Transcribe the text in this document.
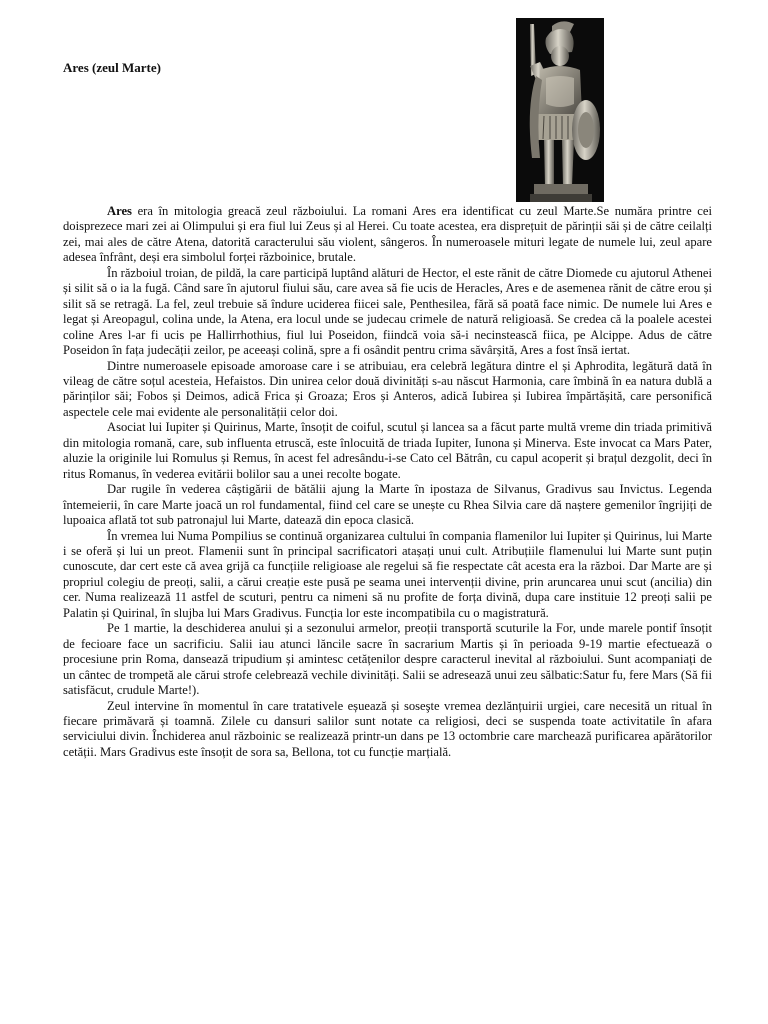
Ares (zeul Marte)

Ares era în mitologia greacă zeul războiului. La romani Ares era identificat cu zeul Marte.Se număra printre cei doisprezece mari zei ai Olimpului și era fiul lui Zeus și al Herei. Cu toate acestea, era disprețuit de părinții săi și de către ceilalți zei, mai ales de către Atena, datorită caracterului său violent, sângeros. În numeroasele mituri legate de numele lui, zeul apare adesea înfrânt, deși era simbolul forței războinice, brutale.

În războiul troian, de pildă, la care participă luptând alături de Hector, el este rănit de către Diomede cu ajutorul Athenei și silit să o ia la fugă. Când sare în ajutorul fiului său, care avea să fie ucis de Heracles, Ares e de asemenea rănit de către erou și silit să se retragă. La fel, zeul trebuie să îndure uciderea fiicei sale, Penthesilea, fără să poată face nimic. De numele lui Ares e legat și Areopagul, colina unde, la Atena, era locul unde se judecau crimele de natură religioasă. Se credea că la poalele acestei coline Ares l-ar fi ucis pe Hallirrhothius, fiul lui Poseidon, fiindcă voia să-i necinstească fiica, pe Alcippe. Adus de către Poseidon în fața judecății zeilor, pe aceeași colină, spre a fi osândit pentru crima săvârșită, Ares a fost însă iertat.

Dintre numeroasele episoade amoroase care i se atribuiau, era celebră legătura dintre el și Aphrodita, legătură dată în vileag de către soțul acesteia, Hefaistos. Din unirea celor două divinități s-au născut Harmonia, care îmbină în ea natura dublă a părinților săi; Fobos și Deimos, adică Frica și Groaza; Eros și Anteros, adică Iubirea și Iubirea împărtășită, care personifică aspectele cele mai evidente ale personalității celor doi.

Asociat lui Iupiter și Quirinus, Marte, însoțit de coiful, scutul și lancea sa a făcut parte multă vreme din triada primitivă din mitologia romană, care, sub influenta etruscă, este înlocuită de triada Iupiter, Iunona și Minerva. Este invocat ca Mars Pater, aluzie la originile lui Romulus și Remus, în acest fel adresându-i-se Cato cel Bătrân, cu capul acoperit și brațul dezgolit, deci în ritus Romanus, în vederea evitării bolilor sau a unei recolte bogate.

Dar rugile în vederea câștigării de bătălii ajung la Marte în ipostaza de Silvanus, Gradivus sau Invictus. Legenda întemeierii, în care Marte joacă un rol fundamental, fiind cel care se unește cu Rhea Silvia care dă naștere gemenilor îngrijiți de lupoaica aflată tot sub patronajul lui Marte, datează din epoca clasică.

În vremea lui Numa Pompilius se continuă organizarea cultului în compania flamenilor lui Iupiter și Quirinus, lui Marte i se oferă și lui un preot. Flamenii sunt în principal sacrificatori atașați unui cult. Atribuțiile flamenului lui Marte sunt puțin cunoscute, dar cert este că avea grijă ca funcțiile religioase ale regelui să fie respectate cât acesta era la război. Dar Marte are și propriul colegiu de preoți, salii, a cărui creație este pusă pe seama unei intervenții divine, prin aruncarea unui scut (ancilia) din cer. Numa realizează 11 astfel de scuturi, pentru ca nimeni să nu profite de forța divină, dupa care instituie 12 preoți salii pe Palatin și Quirinal, în slujba lui Mars Gradivus. Funcția lor este incompatibila cu o magistratură.

Pe 1 martie, la deschiderea anului și a sezonului armelor, preoții transportă scuturile la For, unde marele pontif însoțit de fecioare face un sacrificiu. Salii iau atunci lăncile sacre în sacrarium Martis și în perioada 9-19 martie efectuează o procesiune prin Roma, dansează tripudium și amintesc cetățenilor despre caracterul inevital al războiului. Sunt acompaniați de un cântec de trompetă ale cărui strofe celebrează vechile divinități. Salii se adresează unui zeu sălbatic:Satur fu, fere Mars (Să fii satisfăcut, crudule Marte!).

Zeul intervine în momentul în care tratativele eșuează și soseşte vremea dezlănțuirii urgiei, care necesită un ritual în fiecare primăvară și toamnă. Zilele cu dansuri salilor sunt notate ca religiosi, deci se suspenda toate activitatile în afara serviciului divin. Închiderea anul războinic se realizează printr-un dans pe 13 octombrie care marchează purificarea apărătorilor cetății. Mars Gradivus este însoțit de sora sa, Bellona, tot cu funcție marțială.
